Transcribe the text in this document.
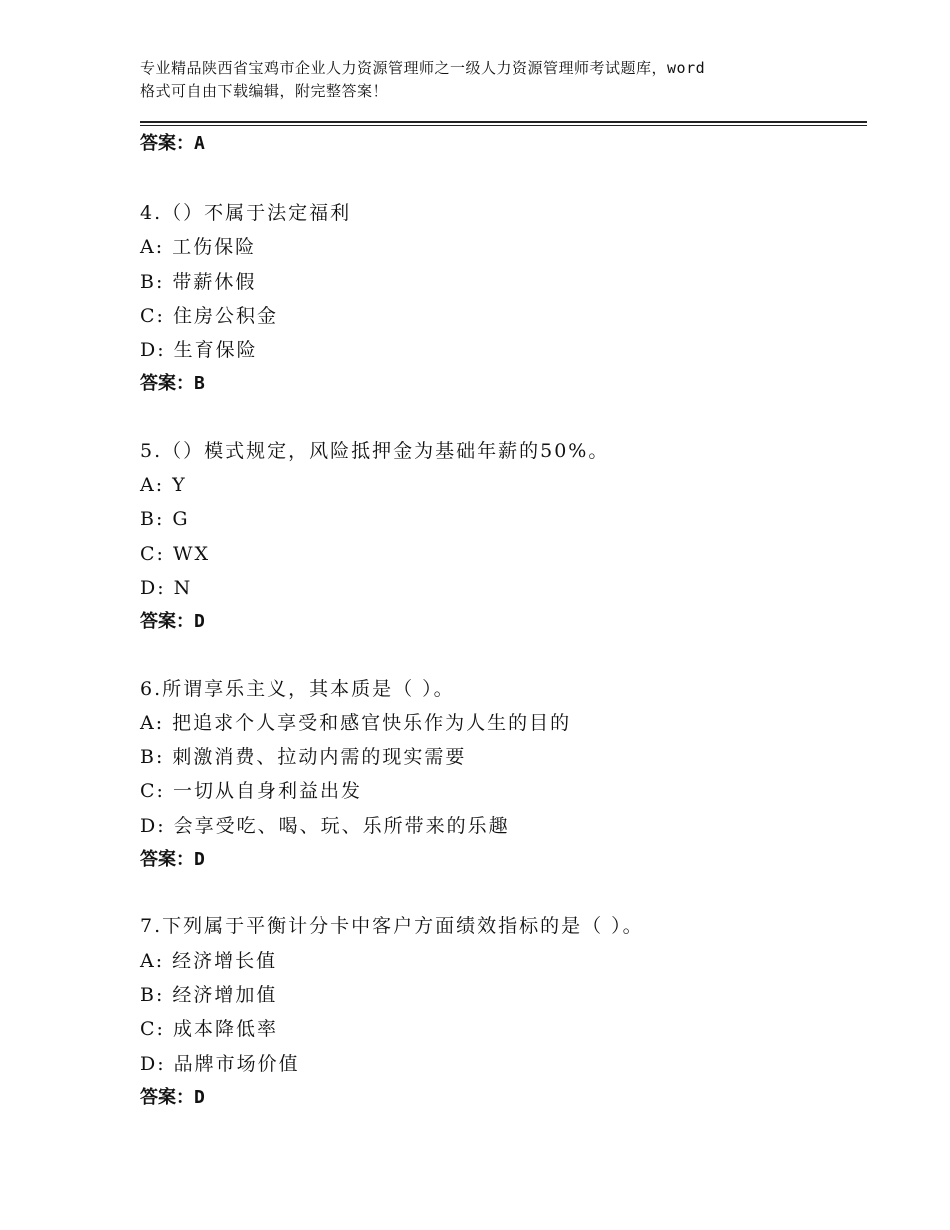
专业精品陕西省宝鸡市企业人力资源管理师之一级人力资源管理师考试题库，word
格式可自由下载编辑，附完整答案！
答案：A
4.（）不属于法定福利
A: 工伤保险
B: 带薪休假
C: 住房公积金
D: 生育保险
答案：B
5.（）模式规定，风险抵押金为基础年薪的50%。
A: Y
B: G
C: WX
D: N
答案：D
6.所谓享乐主义，其本质是（ ）。
A: 把追求个人享受和感官快乐作为人生的目的
B: 刺激消费、拉动内需的现实需要
C: 一切从自身利益出发
D: 会享受吃、喝、玩、乐所带来的乐趣
答案：D
7.下列属于平衡计分卡中客户方面绩效指标的是（ ）。
A: 经济增长值
B: 经济增加值
C: 成本降低率
D: 品牌市场价值
答案：D
